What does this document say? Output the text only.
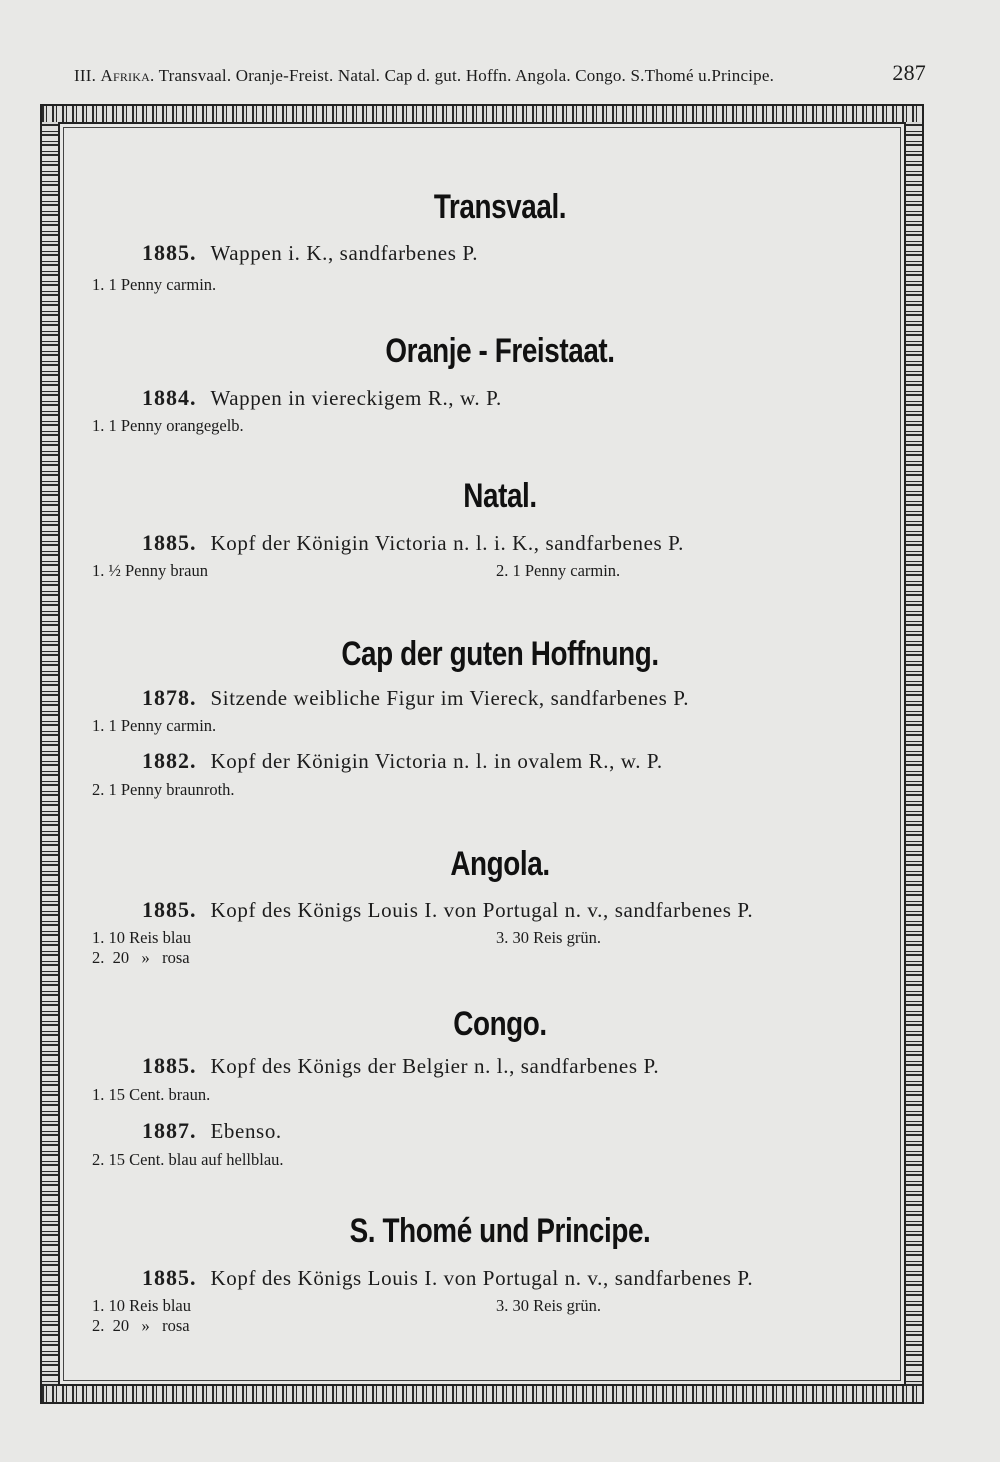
III. Afrika. Transvaal. Oranje-Freist. Natal. Cap d. gut. Hoffn. Angola. Congo. S.Thomé u.Principe.	287
Transvaal.
1885. Wappen i. K., sandfarbenes P.
1. 1 Penny carmin.
Oranje - Freistaat.
1884. Wappen in viereckigem R., w. P.
1. 1 Penny orangegelb.
Natal.
1885. Kopf der Königin Victoria n. l. i. K., sandfarbenes P.
1. ½ Penny braun	2. 1 Penny carmin.
Cap der guten Hoffnung.
1878. Sitzende weibliche Figur im Viereck, sandfarbenes P.
1. 1 Penny carmin.
1882. Kopf der Königin Victoria n. l. in ovalem R., w. P.
2. 1 Penny braunroth.
Angola.
1885. Kopf des Königs Louis I. von Portugal n. v., sandfarbenes P.
1. 10 Reis blau
2.  20   »   rosa
3. 30 Reis grün.
Congo.
1885. Kopf des Königs der Belgier n. l., sandfarbenes P.
1. 15 Cent. braun.
1887. Ebenso.
2. 15 Cent. blau auf hellblau.
S. Thomé und Principe.
1885. Kopf des Königs Louis I. von Portugal n. v., sandfarbenes P.
1. 10 Reis blau
2.  20   »   rosa
3. 30 Reis grün.
